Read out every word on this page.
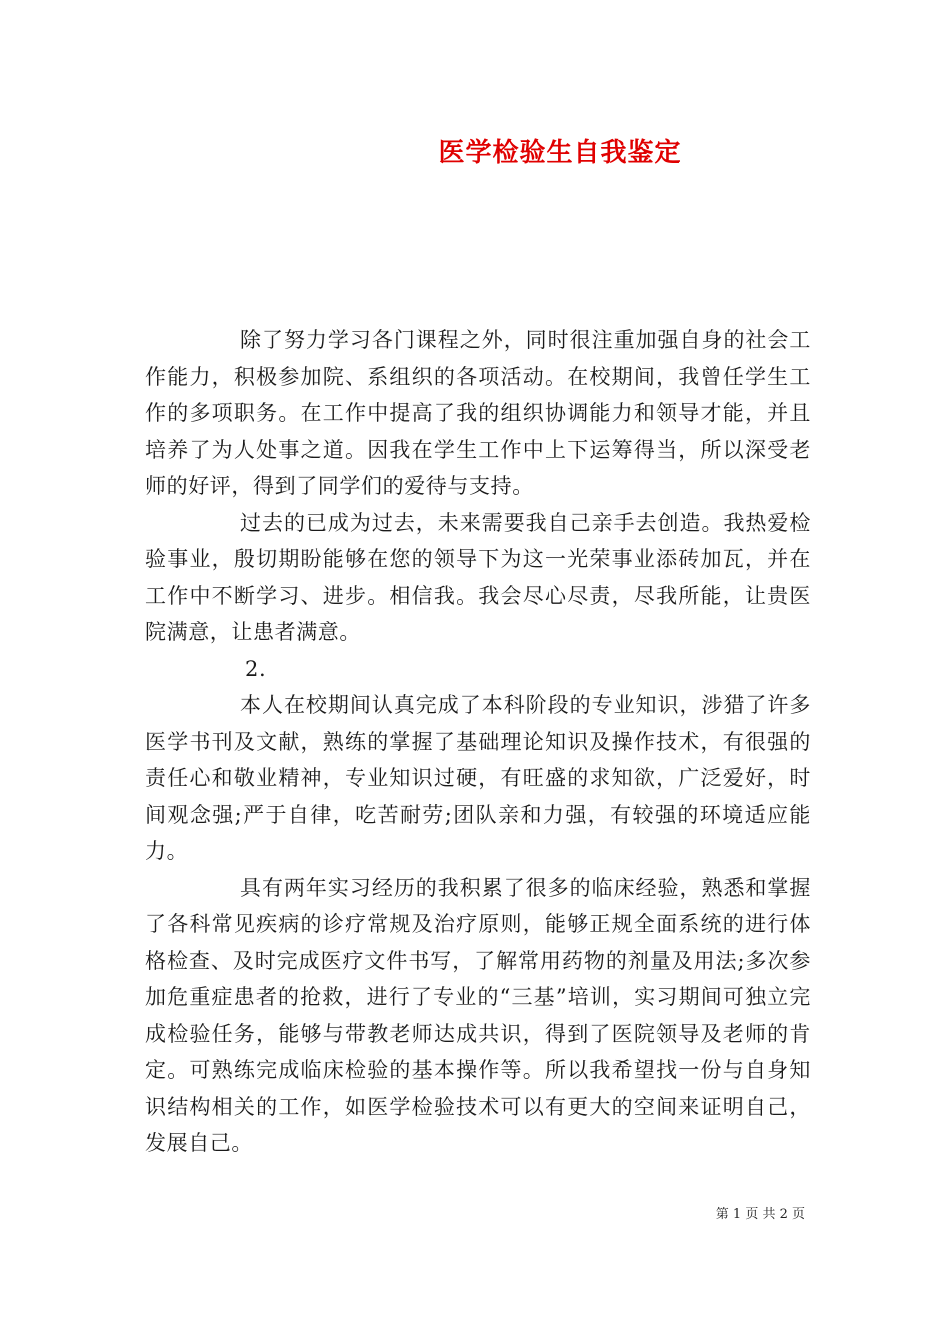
医学检验生自我鉴定

除了努力学习各门课程之外，同时很注重加强自身的社会工作能力，积极参加院、系组织的各项活动。在校期间，我曾任学生工作的多项职务。在工作中提高了我的组织协调能力和领导才能，并且培养了为人处事之道。因我在学生工作中上下运筹得当，所以深受老师的好评，得到了同学们的爱待与支持。

过去的已成为过去，未来需要我自己亲手去创造。我热爱检验事业，殷切期盼能够在您的领导下为这一光荣事业添砖加瓦，并在工作中不断学习、进步。相信我。我会尽心尽责，尽我所能，让贵医院满意，让患者满意。

2.

本人在校期间认真完成了本科阶段的专业知识，涉猎了许多医学书刊及文献，熟练的掌握了基础理论知识及操作技术，有很强的责任心和敬业精神，专业知识过硬，有旺盛的求知欲，广泛爱好，时间观念强;严于自律，吃苦耐劳;团队亲和力强，有较强的环境适应能力。

具有两年实习经历的我积累了很多的临床经验，熟悉和掌握了各科常见疾病的诊疗常规及治疗原则，能够正规全面系统的进行体格检查、及时完成医疗文件书写，了解常用药物的剂量及用法;多次参加危重症患者的抢救，进行了专业的“三基”培训，实习期间可独立完成检验任务，能够与带教老师达成共识，得到了医院领导及老师的肯定。可熟练完成临床检验的基本操作等。所以我希望找一份与自身知识结构相关的工作，如医学检验技术可以有更大的空间来证明自己，发展自己。

第 1 页 共 2 页
